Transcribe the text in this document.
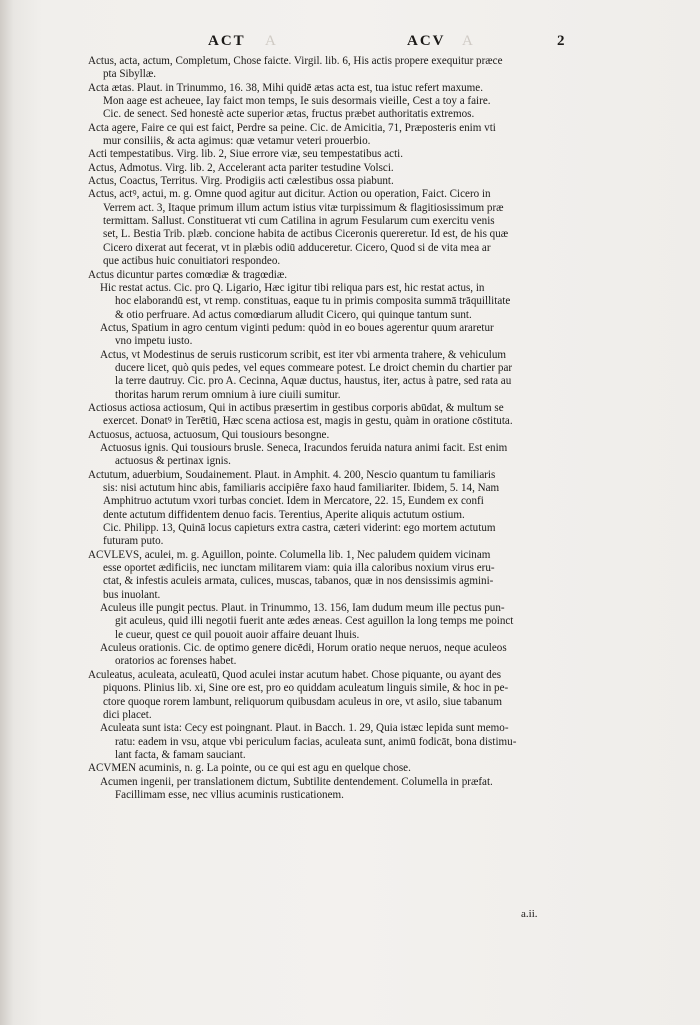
ACT A	ACV A	2
Actus, acta, actum, Completum, Chose faicte. Virgil. lib. 6, His actis propere exequitur præce
pta Sibyllæ.
Acta ætas. Plaut. in Trinummo, 16. 38, Mihi quidē ætas acta est, tua istuc refert maxume.
Mon aage est acheuee, Iay faict mon temps, Ie suis desormais vieille, Cest a toy a faire.
Cic. de senect. Sed honestè acte superior ætas, fructus præbet authoritatis extremos.
Acta agere, Faire ce qui est faict, Perdre sa peine. Cic. de Amicitia, 71, Præposteris enim vti
mur consiliis, & acta agimus: quæ vetamur veteri prouerbio.
Acti tempestatibus. Virg. lib. 2, Siue errore viæ, seu tempestatibus acti.
Actus, Admotus. Virg. lib. 2, Accelerant acta pariter testudine Volsci.
Actus, Coactus, Territus. Virg. Prodigiis acti cælestibus ossa piabunt.
Actus, actꝰ, actui, m. g. Omne quod agitur aut dicitur. Action ou operation, Faict. Cicero in
Verrem act. 3, Itaque primum illum actum istius vitæ turpissimum & flagitiosissimum præ
termittam. Sallust. Constituerat vti cum Catilina in agrum Fesularum cum exercitu venis
set, L. Bestia Trib. plæb. concione habita de actibus Ciceronis quereretur. Id est, de his quæ
Cicero dixerat aut fecerat, vt in plæbis odiū adduceretur. Cicero, Quod si de vita mea ar
que actibus huic conuitiatori respondeo.
Actus dicuntur partes comœdiæ & tragœdiæ.
Hic restat actus. Cic. pro Q. Ligario, Hæc igitur tibi reliqua pars est, hic restat actus, in
hoc elaborandū est, vt remp. constituas, eaque tu in primis composita summā trāquillitate
& otio perfruare. Ad actus comœdiarum alludit Cicero, qui quinque tantum sunt.
Actus, Spatium in agro centum viginti pedum: quòd in eo boues agerentur quum araretur
vno impetu iusto.
Actus, vt Modestinus de seruis rusticorum scribit, est iter vbi armenta trahere, & vehiculum
ducere licet, quò quis pedes, vel eques commeare potest. Le droict chemin du chartier par
la terre dautruy. Cic. pro A. Cecinna, Aquæ ductus, haustus, iter, actus à patre, sed rata au
thoritas harum rerum omnium à iure ciuili sumitur.
Actiosus actiosa actiosum, Qui in actibus præsertim in gestibus corporis abūdat, & multum se
exercet. Donatꝰ in Terētiū, Hæc scena actiosa est, magis in gestu, quàm in oratione cōstituta.
Actuosus, actuosa, actuosum, Qui tousiours besongne.
Actuosus ignis. Qui tousiours brusle. Seneca, Iracundos feruida natura animi facit. Est enim
actuosus & pertinax ignis.
Actutum, aduerbium, Soudainement. Plaut. in Amphit. 4. 200, Nescio quantum tu familiaris
sis: nisi actutum hinc abis, familiaris accipiêre faxo haud familiariter. Ibidem, 5. 14, Nam
Amphitruo actutum vxori turbas conciet. Idem in Mercatore, 22. 15, Eundem ex confi
dente actutum diffidentem denuo facis. Terentius, Aperite aliquis actutum ostium.
Cic. Philipp. 13, Quinā locus capieturs extra castra, cæteri viderint: ego mortem actutum
futuram puto.
ACVLEVS, aculei, m. g. Aguillon, pointe. Columella lib. 1, Nec paludem quidem vicinam
esse oportet ædificiis, nec iunctam militarem viam: quia illa caloribus noxium virus eru-
ctat, & infestis aculeis armata, culices, muscas, tabanos, quæ in nos densissimis agmini-
bus inuolant.
Aculeus ille pungit pectus. Plaut. in Trinummo, 13. 156, Iam dudum meum ille pectus pun-
git aculeus, quid illi negotii fuerit ante ædes æneas. Cest aguillon la long temps me poinct
le cueur, quest ce quil pouoit auoir affaire deuant lhuis.
Aculeus orationis. Cic. de optimo genere dicēdi, Horum oratio neque neruos, neque aculeos
oratorios ac forenses habet.
Aculeatus, aculeata, aculeatū, Quod aculei instar acutum habet. Chose piquante, ou ayant des
piquons. Plinius lib. xi, Sine ore est, pro eo quiddam aculeatum linguis simile, & hoc in pe-
ctore quoque rorem lambunt, reliquorum quibusdam aculeus in ore, vt asilo, siue tabanum
dici placet.
Aculeata sunt ista: Cecy est poingnant. Plaut. in Bacch. 1. 29, Quia istæc lepida sunt memo-
ratu: eadem in vsu, atque vbi periculum facias, aculeata sunt, animū fodicāt, bona distimu-
lant facta, & famam sauciant.
ACVMEN acuminis, n. g. La pointe, ou ce qui est agu en quelque chose.
Acumen ingenii, per translationem dictum, Subtilite dentendement. Columella in præfat.
Facillimam esse, nec vllius acuminis rusticationem.
a.ii.
